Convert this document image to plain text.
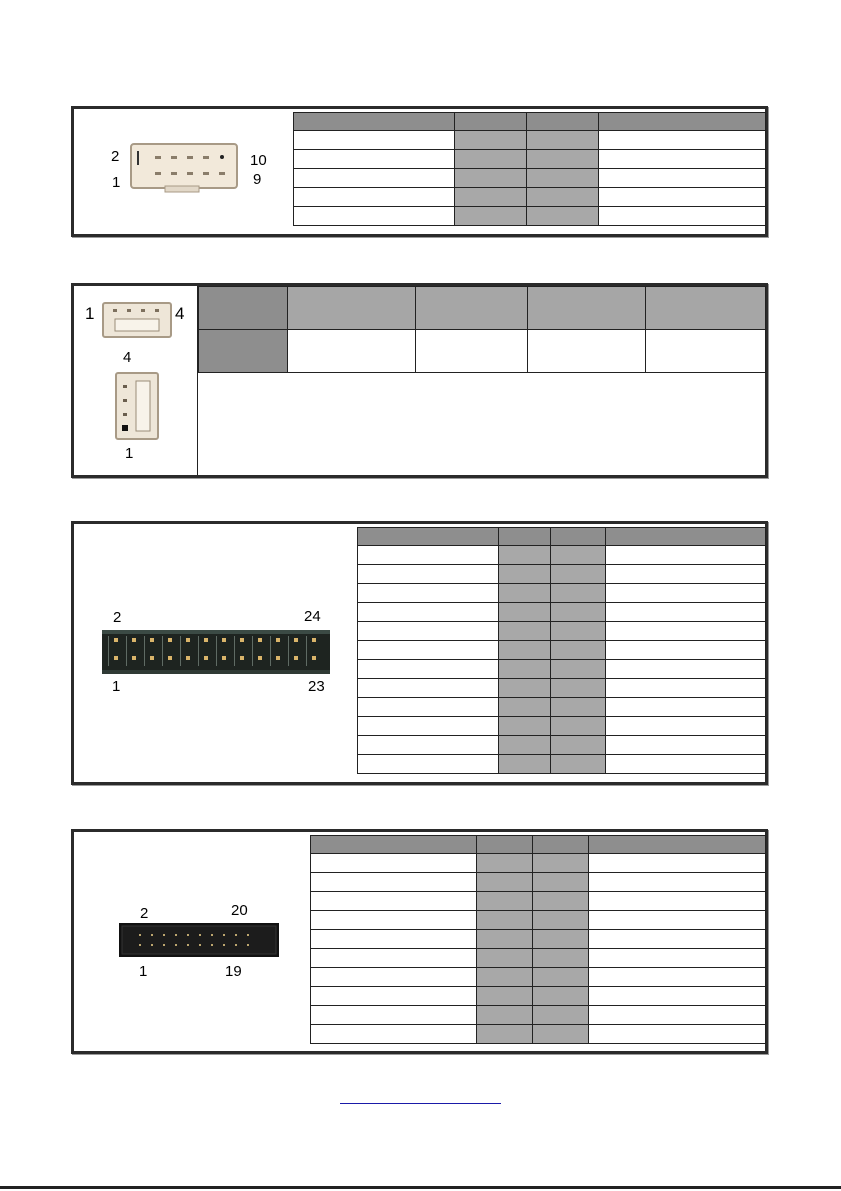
2
1
10
9

1	4
4
1

2	24
1	23

2	20
1	19
